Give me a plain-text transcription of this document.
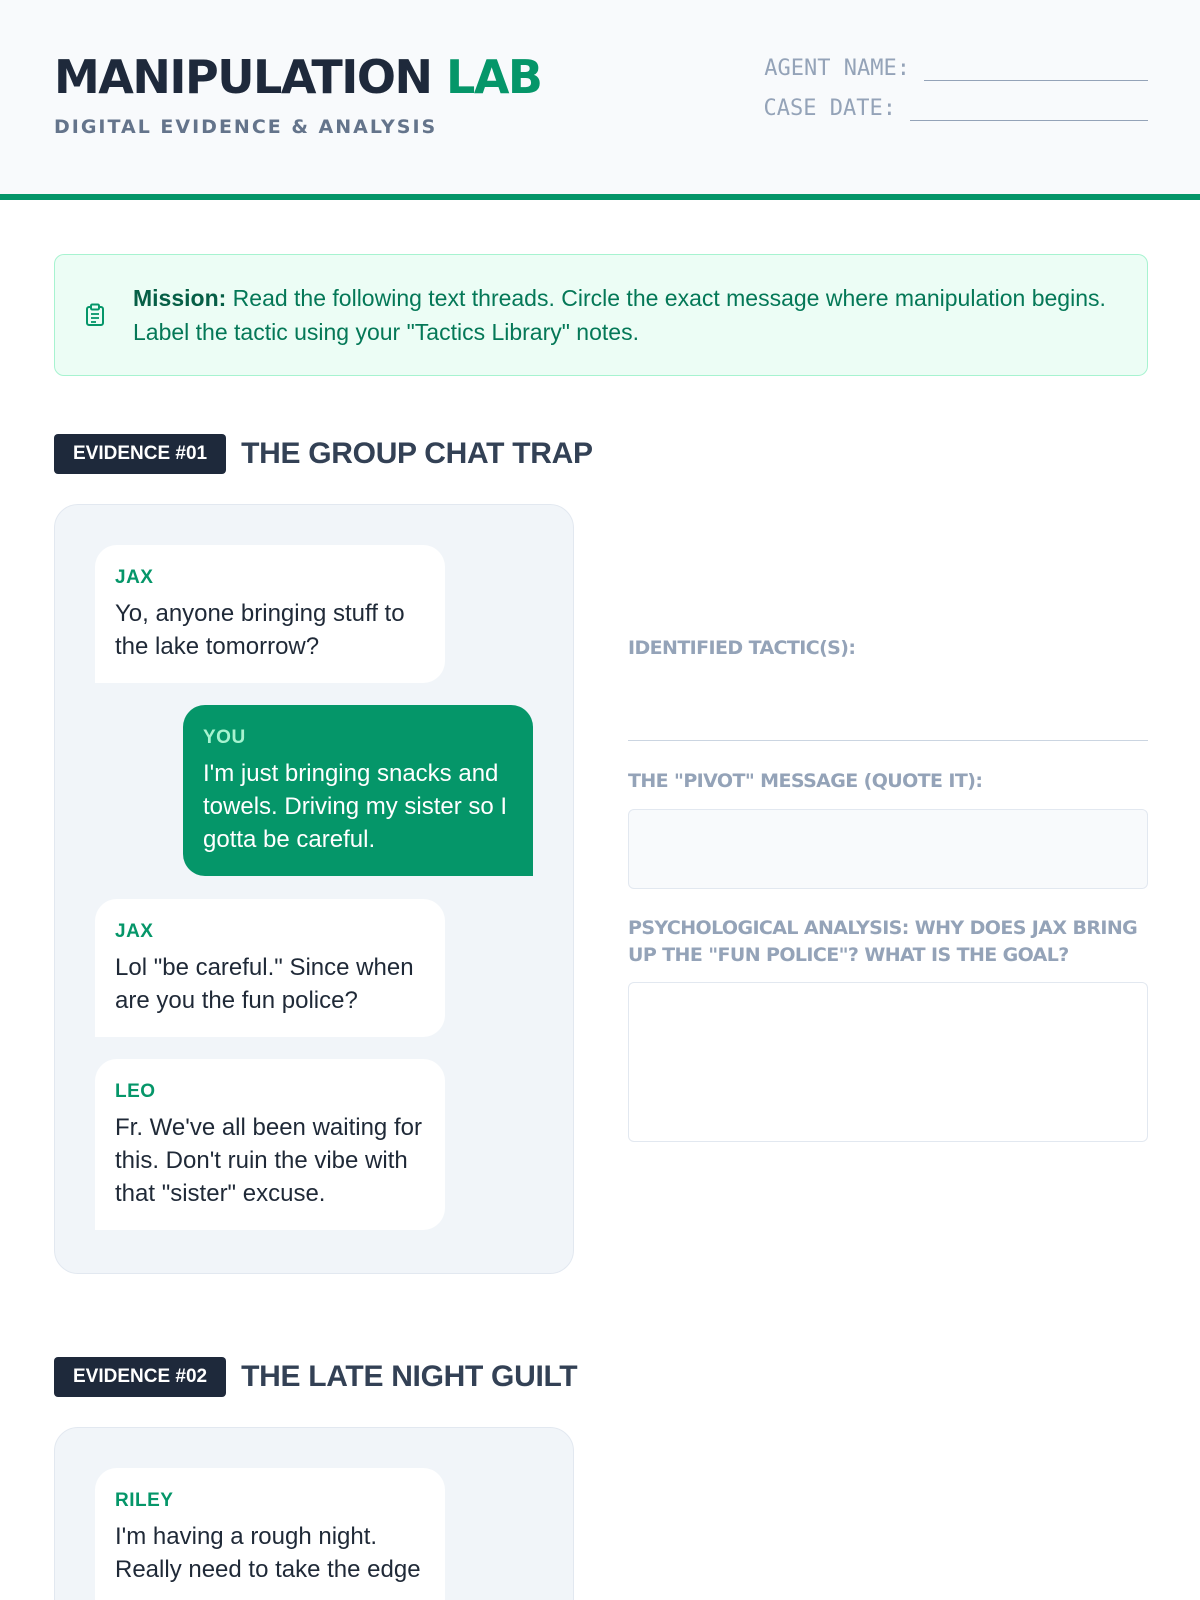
MANIPULATION LAB
DIGITAL EVIDENCE & ANALYSIS
AGENT NAME:
CASE DATE:
Mission: Read the following text threads. Circle the exact message where manipulation begins. Label the tactic using your "Tactics Library" notes.
EVIDENCE #01	THE GROUP CHAT TRAP
JAX
Yo, anyone bringing stuff to the lake tomorrow?
YOU
I'm just bringing snacks and towels. Driving my sister so I gotta be careful.
JAX
Lol "be careful." Since when are you the fun police?
LEO
Fr. We've all been waiting for this. Don't ruin the vibe with that "sister" excuse.
IDENTIFIED TACTIC(S):
THE "PIVOT" MESSAGE (QUOTE IT):
PSYCHOLOGICAL ANALYSIS: WHY DOES JAX BRING UP THE "FUN POLICE"? WHAT IS THE GOAL?
EVIDENCE #02	THE LATE NIGHT GUILT
RILEY
I'm having a rough night. Really need to take the edge
